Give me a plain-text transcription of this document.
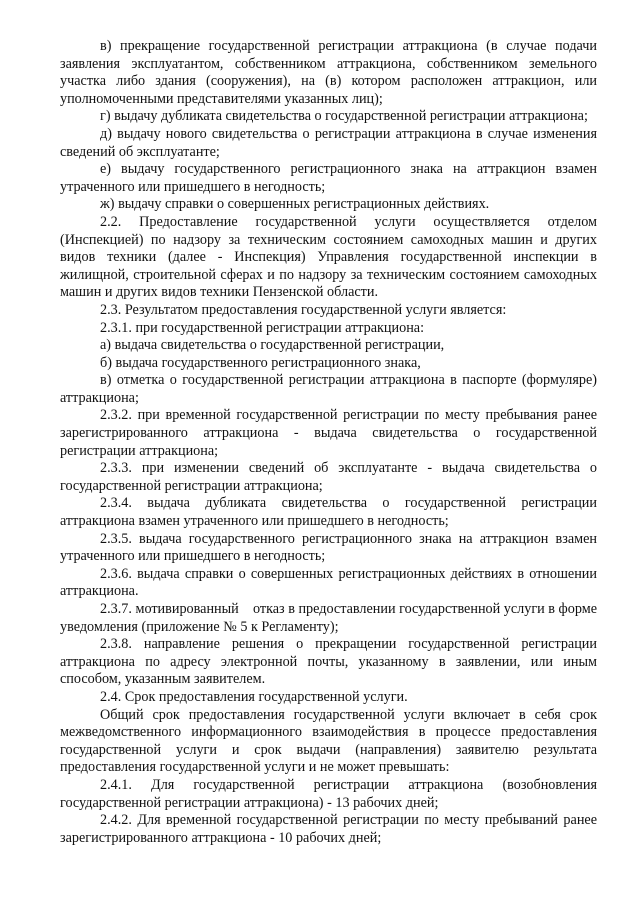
в) прекращение государственной регистрации аттракциона (в случае подачи заявления эксплуатантом, собственником аттракциона, собственником земельного участка либо здания (сооружения), на (в) котором расположен аттракцион, или уполномоченными представителями указанных лиц);

г) выдачу дубликата свидетельства о государственной регистрации аттракциона;

д) выдачу нового свидетельства о регистрации аттракциона в случае изменения сведений об эксплуатанте;

е) выдачу государственного регистрационного знака на аттракцион взамен утраченного или пришедшего в негодность;

ж) выдачу справки о совершенных регистрационных действиях.

2.2. Предоставление государственной услуги осуществляется отделом (Инспекцией) по надзору за техническим состоянием самоходных машин и других видов техники (далее - Инспекция) Управления государственной инспекции в жилищной, строительной сферах и по надзору за техническим состоянием самоходных машин и других видов техники Пензенской области.

2.3. Результатом предоставления государственной услуги является:

2.3.1. при государственной регистрации аттракциона:

а) выдача свидетельства о государственной регистрации,

б) выдача государственного регистрационного знака,

в) отметка о государственной регистрации аттракциона в паспорте (формуляре) аттракциона;

2.3.2. при временной государственной регистрации по месту пребывания ранее зарегистрированного аттракциона - выдача свидетельства о государственной регистрации аттракциона;

2.3.3. при изменении сведений об эксплуатанте - выдача свидетельства о государственной регистрации аттракциона;

2.3.4. выдача дубликата свидетельства о государственной регистрации аттракциона взамен утраченного или пришедшего в негодность;

2.3.5. выдача государственного регистрационного знака на аттракцион взамен утраченного или пришедшего в негодность;

2.3.6. выдача справки о совершенных регистрационных действиях в отношении аттракциона.

2.3.7. мотивированный    отказ в предоставлении государственной услуги в форме уведомления (приложение № 5 к Регламенту);

2.3.8. направление решения о прекращении государственной регистрации аттракциона по адресу электронной почты, указанному в заявлении, или иным способом, указанным заявителем.

2.4. Срок предоставления государственной услуги.

Общий срок предоставления государственной услуги включает в себя срок межведомственного информационного взаимодействия в процессе предоставления государственной услуги и срок выдачи (направления) заявителю результата предоставления государственной услуги и не может превышать:

2.4.1. Для государственной регистрации аттракциона (возобновления государственной регистрации аттракциона) - 13 рабочих дней;

2.4.2. Для временной государственной регистрации по месту пребываний ранее зарегистрированного аттракциона - 10 рабочих дней;
